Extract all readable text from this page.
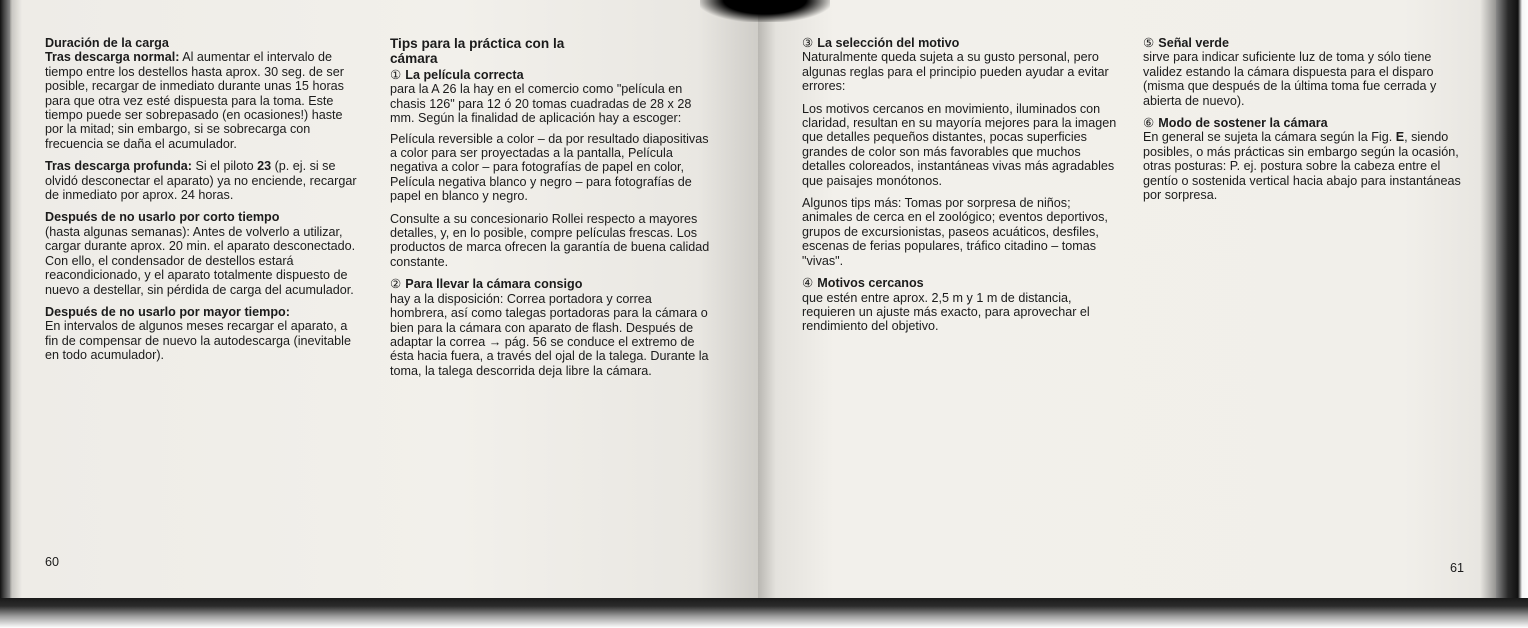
Duración de la carga
Tras descarga normal: Al aumentar el intervalo de tiempo entre los destellos hasta aprox. 30 seg. de ser posible, recargar de inmediato durante unas 15 horas para que otra vez esté dispuesta para la toma. Este tiempo puede ser sobrepasado (en ocasiones!) haste por la mitad; sin embargo, si se sobrecarga con frecuencia se daña el acumulador.

Tras descarga profunda: Si el piloto 23 (p. ej. si se olvidó desconectar el aparato) ya no enciende, recargar de inmediato por aprox. 24 horas.

Después de no usarlo por corto tiempo
(hasta algunas semanas): Antes de volverlo a utilizar, cargar durante aprox. 20 min. el aparato desconectado. Con ello, el condensador de destellos estará reacondicionado, y el aparato totalmente dispuesto de nuevo a destellar, sin pérdida de carga del acumulador.

Después de no usarlo por mayor tiempo:
En intervalos de algunos meses recargar el aparato, a fin de compensar de nuevo la autodescarga (inevitable en todo acumulador).

Tips para la práctica con la cámara

① La película correcta
para la A 26 la hay en el comercio como "película en chasis 126" para 12 ó 20 tomas cuadradas de 28 x 28 mm. Según la finalidad de aplicación hay a escoger:

Película reversible a color – da por resultado diapositivas a color para ser proyectadas a la pantalla, Película negativa a color – para fotografías de papel en color, Película negativa blanco y negro – para fotografías de papel en blanco y negro.

Consulte a su concesionario Rollei respecto a mayores detalles, y, en lo posible, compre películas frescas. Los productos de marca ofrecen la garantía de buena calidad constante.

② Para llevar la cámara consigo
hay a la disposición: Correa portadora y correa hombrera, así como talegas portadoras para la cámara o bien para la cámara con aparato de flash. Después de adaptar la correa → pág. 56 se conduce el extremo de ésta hacia fuera, a través del ojal de la talega. Durante la toma, la talega descorrida deja libre la cámara.

60

③ La selección del motivo
Naturalmente queda sujeta a su gusto personal, pero algunas reglas para el principio pueden ayudar a evitar errores:

Los motivos cercanos en movimiento, iluminados con claridad, resultan en su mayoría mejores para la imagen que detalles pequeños distantes, pocas superficies grandes de color son más favorables que muchos detalles coloreados, instantáneas vivas más agradables que paisajes monótonos.

Algunos tips más: Tomas por sorpresa de niños; animales de cerca en el zoológico; eventos deportivos, grupos de excursionistas, paseos acuáticos, desfiles, escenas de ferias populares, tráfico citadino – tomas "vivas".

④ Motivos cercanos
que estén entre aprox. 2,5 m y 1 m de distancia, requieren un ajuste más exacto, para aprovechar el rendimiento del objetivo.

⑤ Señal verde
sirve para indicar suficiente luz de toma y sólo tiene validez estando la cámara dispuesta para el disparo (misma que después de la última toma fue cerrada y abierta de nuevo).

⑥ Modo de sostener la cámara
En general se sujeta la cámara según la Fig. E, siendo posibles, o más prácticas sin embargo según la ocasión, otras posturas: P. ej. postura sobre la cabeza entre el gentío o sostenida vertical hacia abajo para instantáneas por sorpresa.

61
